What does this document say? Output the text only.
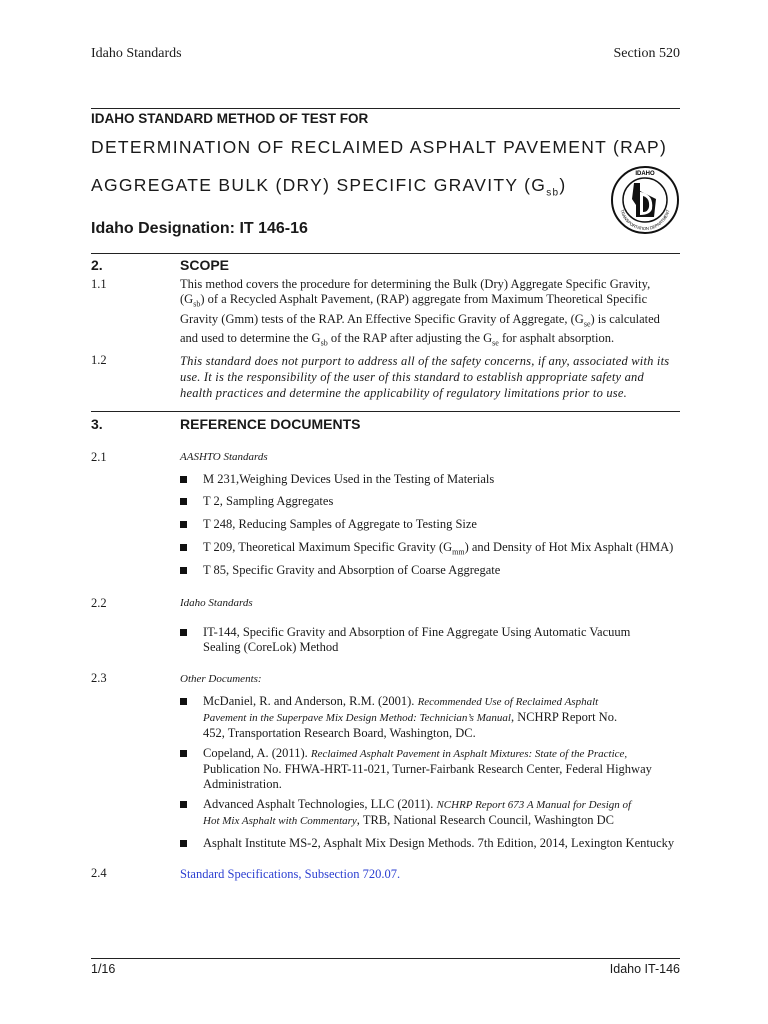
Idaho Standards	Section 520
IDAHO STANDARD METHOD OF TEST FOR
DETERMINATION OF RECLAIMED ASPHALT PAVEMENT (RAP)
AGGREGATE BULK (DRY) SPECIFIC GRAVITY $(G_{sb})$
Idaho Designation: IT 146-16
IDAHO
TRANSPORTATION DEPARTMENT
2.	SCOPE
1.1	This method covers the procedure for determining the Bulk (Dry) Aggregate Specific Gravity,
$(G_{sb})$ of a Recycled Asphalt Pavement, (RAP) aggregate from Maximum Theoretical Specific
Gravity (Gmm) tests of the RAP. An Effective Specific Gravity of Aggregate, $(G_{se})$ is calculated
and used to determine the $G_{sb}$ of the RAP after adjusting the $G_{se}$ for asphalt absorption.
1.2	This standard does not purport to address all of the safety concerns, if any, associated with its
use. It is the responsibility of the user of this standard to establish appropriate safety and
health practices and determine the applicability of regulatory limitations prior to use.
3.	REFERENCE DOCUMENTS
2.1	AASHTO Standards
M 231,Weighing Devices Used in the Testing of Materials
T 2, Sampling Aggregates
T 248, Reducing Samples of Aggregate to Testing Size
T 209, Theoretical Maximum Specific Gravity $(G_{mm})$ and Density of Hot Mix Asphalt (HMA)
T 85, Specific Gravity and Absorption of Coarse Aggregate
2.2	Idaho Standards
IT-144, Specific Gravity and Absorption of Fine Aggregate Using Automatic Vacuum
Sealing (CoreLok) Method
2.3	Other Documents:
McDaniel, R. and Anderson, R.M. (2001). Recommended Use of Reclaimed Asphalt
Pavement in the Superpave Mix Design Method: Technician’s Manual, NCHRP Report No.
452, Transportation Research Board, Washington, DC.
Copeland, A. (2011). Reclaimed Asphalt Pavement in Asphalt Mixtures: State of the Practice,
Publication No. FHWA-HRT-11-021, Turner-Fairbank Research Center, Federal Highway
Administration.
Advanced Asphalt Technologies, LLC (2011). NCHRP Report 673 A Manual for Design of
Hot Mix Asphalt with Commentary, TRB, National Research Council, Washington DC
Asphalt Institute MS-2, Asphalt Mix Design Methods. 7th Edition, 2014, Lexington Kentucky
2.4	Standard Specifications, Subsection 720.07.
1/16	Idaho IT-146
